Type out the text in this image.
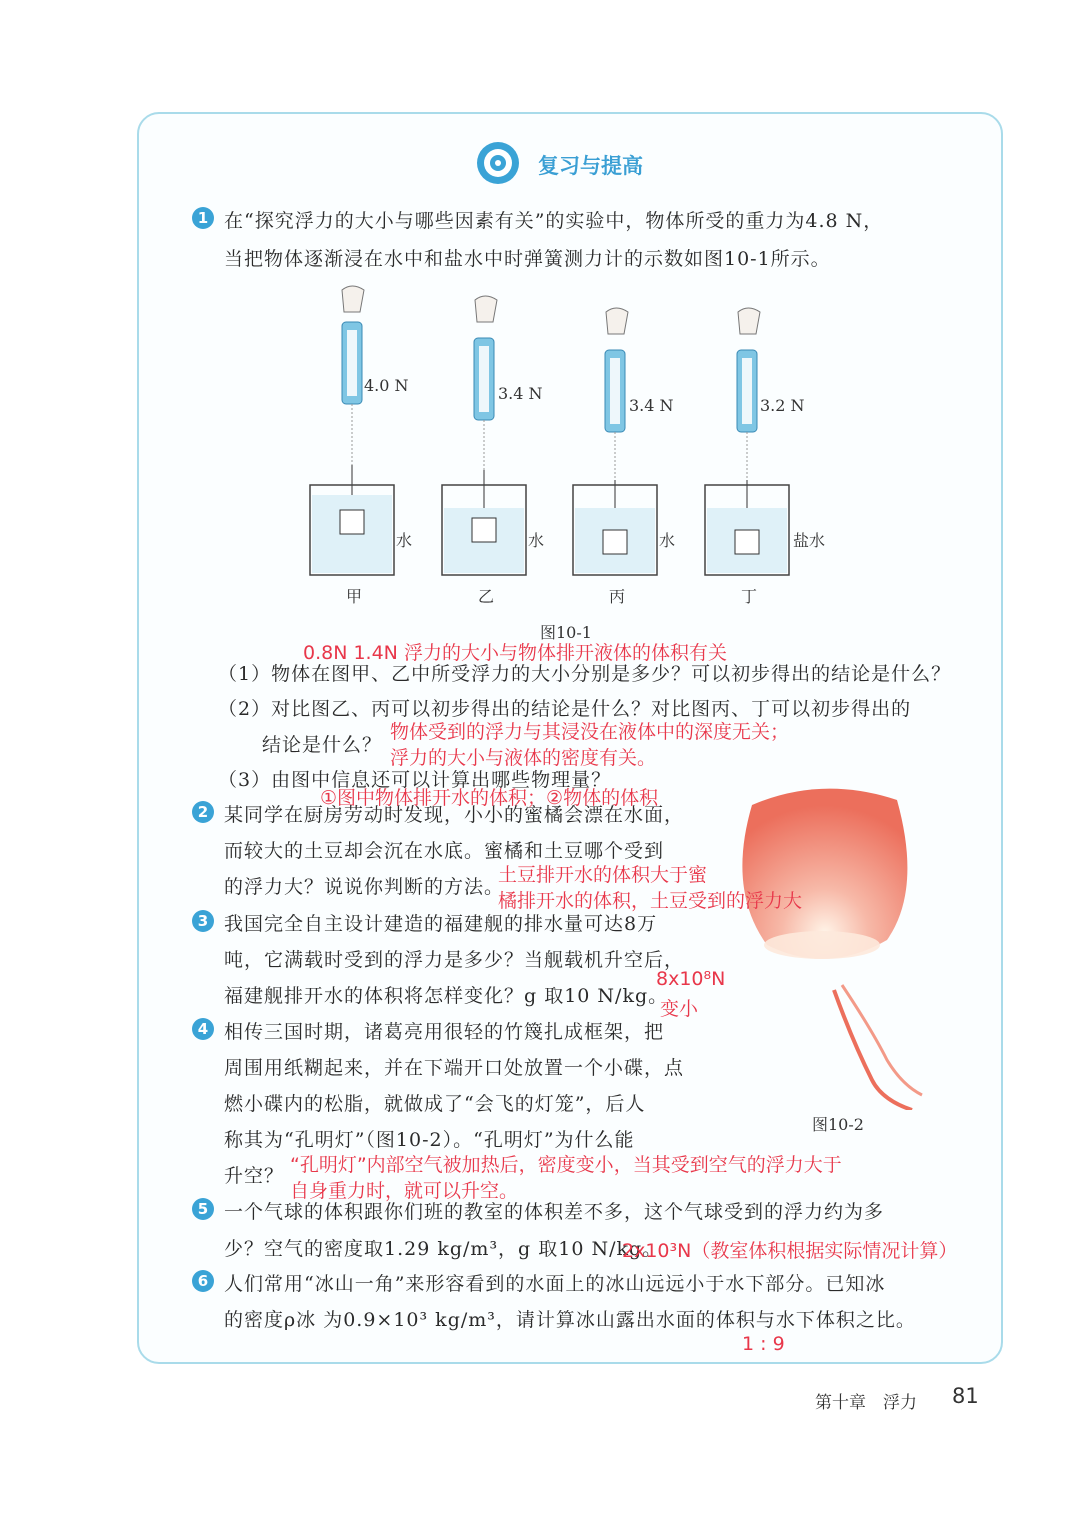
复习与提高
1 在“探究浮力的大小与哪些因素有关”的实验中，物体所受的重力为4.8 N，
当把物体逐渐浸在水中和盐水中时弹簧测力计的示数如图10-1所示。
4.0 N	3.4 N
3.4 N	3.2 N
水	水	水	盐水
甲	乙	丙	丁
图10-1
0.8N 1.4N 浮力的大小与物体排开液体的体积有关
（1）物体在图甲、乙中所受浮力的大小分别是多少？可以初步得出的结论是什么？
（2）对比图乙、丙可以初步得出的结论是什么？对比图丙、丁可以初步得出的
结论是什么？
物体受到的浮力与其浸没在液体中的深度无关；
浮力的大小与液体的密度有关。
（3）由图中信息还可以计算出哪些物理量？
①图中物体排开水的体积；②物体的体积
图10-2
2 某同学在厨房劳动时发现，小小的蜜橘会漂在水面，
而较大的土豆却会沉在水底。蜜橘和土豆哪个受到
的浮力大？说说你判断的方法。
土豆排开水的体积大于蜜
橘排开水的体积，土豆受到的浮力大
3 我国完全自主设计建造的福建舰的排水量可达8万
吨，它满载时受到的浮力是多少？当舰载机升空后，
福建舰排开水的体积将怎样变化？g 取10 N/kg。
8x10⁸N
变小
4 相传三国时期，诸葛亮用很轻的竹篾扎成框架，把
周围用纸糊起来，并在下端开口处放置一个小碟，点
燃小碟内的松脂，就做成了“会飞的灯笼”，后人
称其为“孔明灯”（图10-2）。“孔明灯”为什么能
升空？ “孔明灯”内部空气被加热后，密度变小，当其受到空气的浮力大于
自身重力时，就可以升空。
5 一个气球的体积跟你们班的教室的体积差不多，这个气球受到的浮力约为多
少？空气的密度取1.29 kg/m³，g 取10 N/kg。
2x10³N（教室体积根据实际情况计算）
6 人们常用“冰山一角”来形容看到的水面上的冰山远远小于水下部分。已知冰
的密度ρ冰 为0.9×10³ kg/m³，请计算冰山露出水面的体积与水下体积之比。
1 : 9
第十章　浮力 81
